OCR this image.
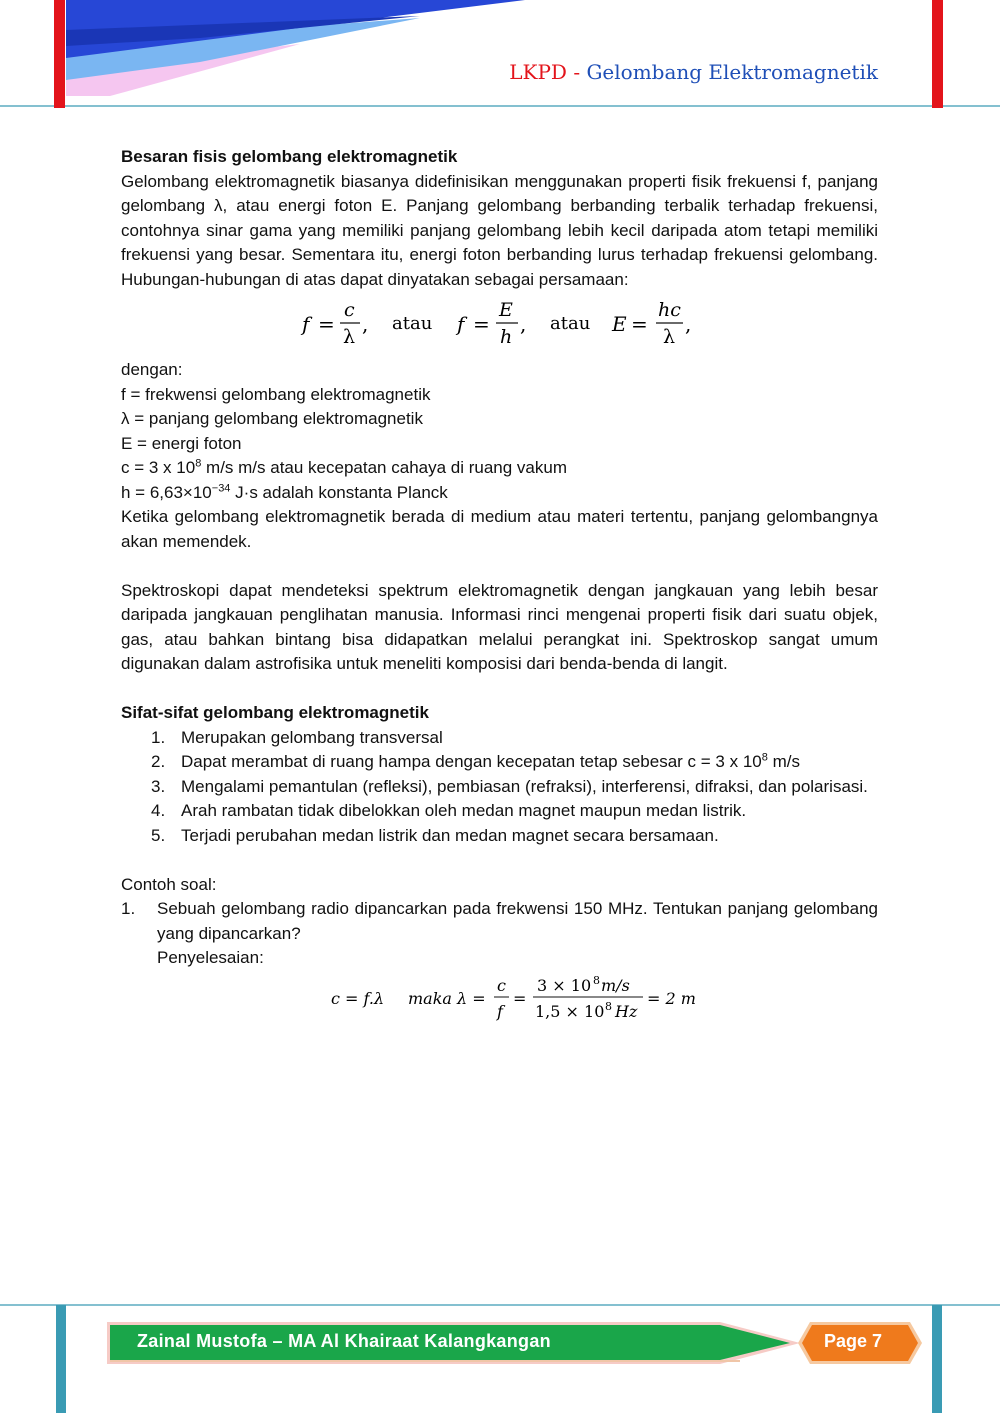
LKPD - Gelombang Elektromagnetik

Besaran fisis gelombang elektromagnetik

Gelombang elektromagnetik biasanya didefinisikan menggunakan properti fisik frekuensi f, panjang gelombang λ, atau energi foton E. Panjang gelombang berbanding terbalik terhadap frekuensi, contohnya sinar gama yang memiliki panjang gelombang lebih kecil daripada atom tetapi memiliki frekuensi yang besar. Sementara itu, energi foton berbanding lurus terhadap frekuensi gelombang. Hubungan-hubungan di atas dapat dinyatakan sebagai persamaan:

f =
c
λ
, atau f =
E
h
, atau E =
hc
λ
,

dengan:

f = frekwensi gelombang elektromagnetik

λ = panjang gelombang elektromagnetik

E = energi foton

c = 3 x $10^8$ m/s m/s atau kecepatan cahaya di ruang vakum

$h = 6,63\times 10^{-34}$ J·s adalah konstanta Planck

Ketika gelombang elektromagnetik berada di medium atau materi tertentu, panjang gelombangnya akan memendek.

Spektroskopi dapat mendeteksi spektrum elektromagnetik dengan jangkauan yang lebih besar daripada jangkauan penglihatan manusia. Informasi rinci mengenai properti fisik dari suatu objek, gas, atau bahkan bintang bisa didapatkan melalui perangkat ini. Spektroskop sangat umum digunakan dalam astrofisika untuk meneliti komposisi dari benda-benda di langit.

Sifat-sifat gelombang elektromagnetik

1. Merupakan gelombang transversal
2. Dapat merambat di ruang hampa dengan kecepatan tetap sebesar c = 3 x $10^8$ m/s
3. Mengalami pemantulan (refleksi), pembiasan (refraksi), interferensi, difraksi, dan polarisasi.
4. Arah rambatan tidak dibelokkan oleh medan magnet maupun medan listrik.
5. Terjadi perubahan medan listrik dan medan magnet secara bersamaan.

Contoh soal:

1. Sebuah gelombang radio dipancarkan pada frekwensi 150 MHz. Tentukan panjang gelombang yang dipancarkan?
Penyelesaian:
c = f.λ maka λ =
c
f
=
3 × 10 8 m/s
1,5 × 10 8 Hz
= 2 m
Zainal Mustofa – MA Al Khairaat Kalangkangan	Page 7
